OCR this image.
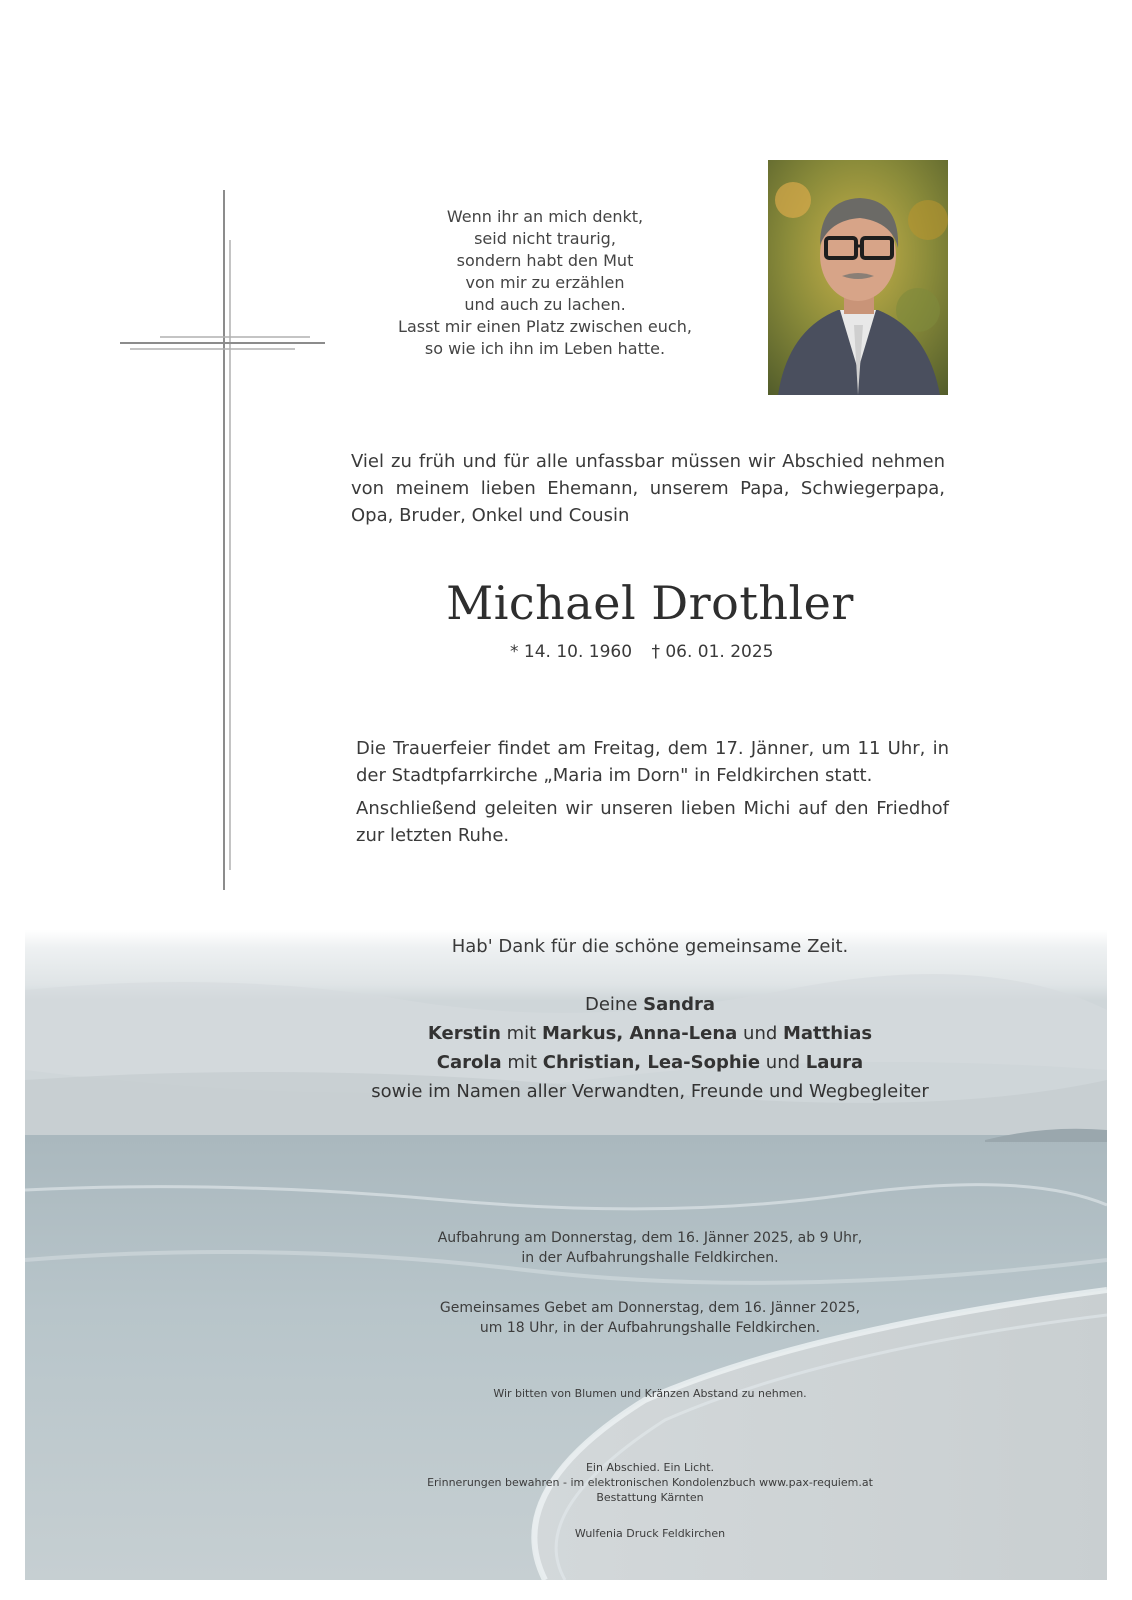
Wenn ihr an mich denkt,
seid nicht traurig,
sondern habt den Mut
von mir zu erzählen
und auch zu lachen.
Lasst mir einen Platz zwischen euch,
so wie ich ihn im Leben hatte.
Viel zu früh und für alle unfassbar müssen wir Abschied nehmen von meinem lieben Ehemann, unserem Papa, Schwiegerpapa, Opa, Bruder, Onkel und Cousin
Michael Drothler
* 14. 10. 1960 † 06. 01. 2025

Die Trauerfeier findet am Freitag, dem 17. Jänner, um 11 Uhr, in der Stadtpfarrkirche „Maria im Dorn" in Feldkirchen statt.

Anschließend geleiten wir unseren lieben Michi auf den Friedhof zur letzten Ruhe.

Hab' Dank für die schöne gemeinsame Zeit.
Deine Sandra
Kerstin mit Markus, Anna-Lena und Matthias
Carola mit Christian, Lea-Sophie und Laura
sowie im Namen aller Verwandten, Freunde und Wegbegleiter
Aufbahrung am Donnerstag, dem 16. Jänner 2025, ab 9 Uhr,
in der Aufbahrungshalle Feldkirchen.
Gemeinsames Gebet am Donnerstag, dem 16. Jänner 2025,
um 18 Uhr, in der Aufbahrungshalle Feldkirchen.
Wir bitten von Blumen und Kränzen Abstand zu nehmen.
Ein Abschied. Ein Licht.
Erinnerungen bewahren - im elektronischen Kondolenzbuch www.pax-requiem.at
Bestattung Kärnten
Wulfenia Druck Feldkirchen
